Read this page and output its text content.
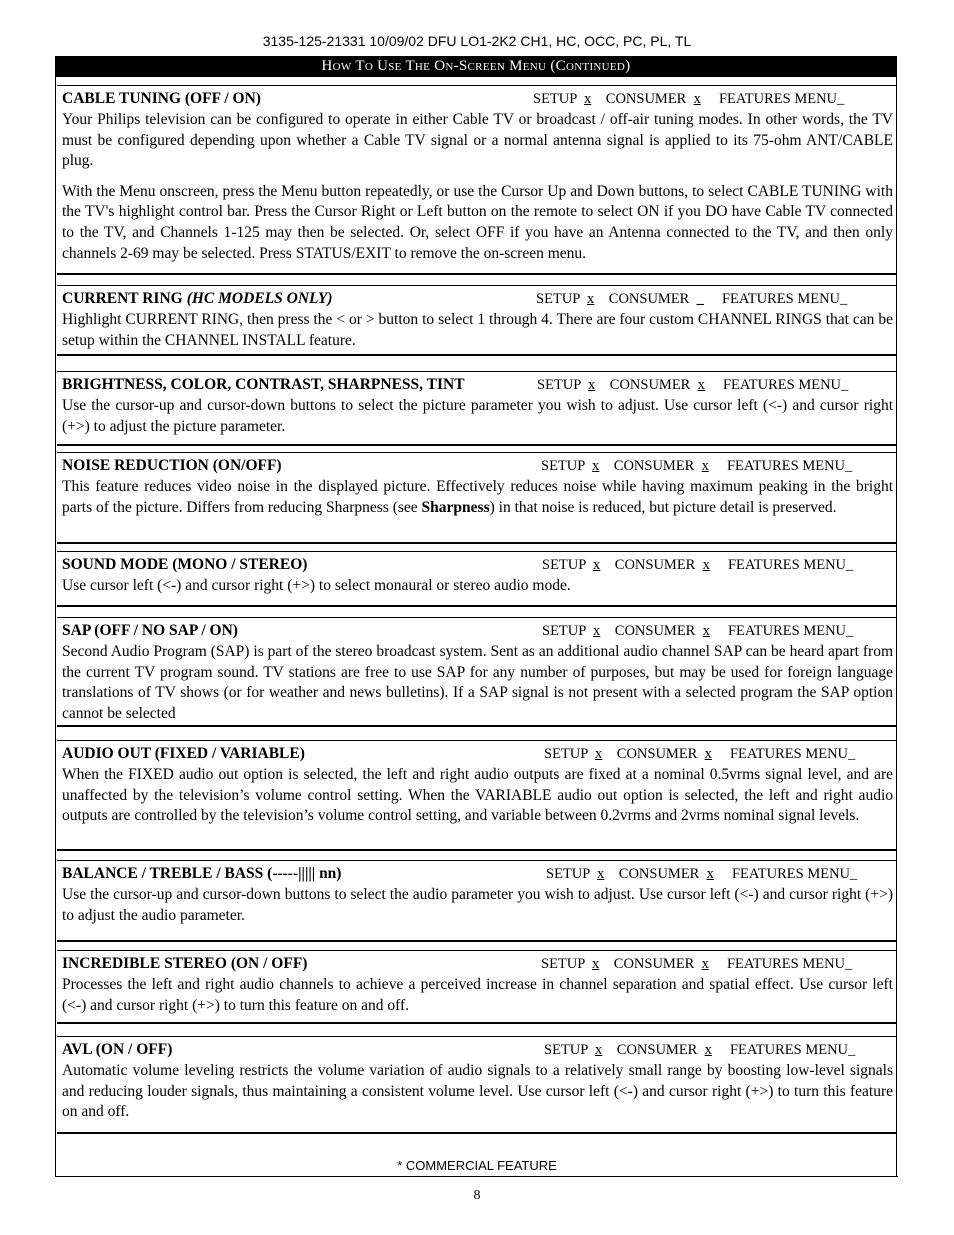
3135-125-21331 10/09/02 DFU LO1-2K2 CH1, HC, OCC, PC, PL, TL
How To Use The On-Screen Menu (Continued)
CABLE TUNING (OFF / ON)	SETUP x CONSUMER x FEATURES MENU_

Your Philips television can be configured to operate in either Cable TV or broadcast / off-air tuning modes. In other words, the TV must be configured depending upon whether a Cable TV signal or a normal antenna signal is applied to its 75-ohm ANT/CABLE plug.

With the Menu onscreen, press the Menu button repeatedly, or use the Cursor Up and Down buttons, to select CABLE TUNING with the TV's highlight control bar. Press the Cursor Right or Left button on the remote to select ON if you DO have Cable TV connected to the TV, and Channels 1-125 may then be selected. Or, select OFF if you have an Antenna connected to the TV, and then only channels 2-69 may be selected. Press STATUS/EXIT to remove the on-screen menu.

CURRENT RING (HC MODELS ONLY)	SETUP x CONSUMER _ FEATURES MENU_

Highlight CURRENT RING, then press the < or > button to select 1 through 4. There are four custom CHANNEL RINGS that can be setup within the CHANNEL INSTALL feature.

BRIGHTNESS, COLOR, CONTRAST, SHARPNESS, TINT	SETUP x CONSUMER x FEATURES MENU_

Use the cursor-up and cursor-down buttons to select the picture parameter you wish to adjust. Use cursor left (<-) and cursor right (+>) to adjust the picture parameter.

NOISE REDUCTION (ON/OFF)	SETUP x CONSUMER x FEATURES MENU_

This feature reduces video noise in the displayed picture. Effectively reduces noise while having maximum peaking in the bright parts of the picture. Differs from reducing Sharpness (see Sharpness) in that noise is reduced, but picture detail is preserved.

SOUND MODE (MONO / STEREO)	SETUP x CONSUMER x FEATURES MENU_

Use cursor left (<-) and cursor right (+>) to select monaural or stereo audio mode.

SAP (OFF / NO SAP / ON)	SETUP x CONSUMER x FEATURES MENU_

Second Audio Program (SAP) is part of the stereo broadcast system. Sent as an additional audio channel SAP can be heard apart from the current TV program sound. TV stations are free to use SAP for any number of purposes, but may be used for foreign language translations of TV shows (or for weather and news bulletins). If a SAP signal is not present with a selected program the SAP option cannot be selected

AUDIO OUT (FIXED / VARIABLE)	SETUP x CONSUMER x FEATURES MENU_

When the FIXED audio out option is selected, the left and right audio outputs are fixed at a nominal 0.5vrms signal level, and are unaffected by the television’s volume control setting. When the VARIABLE audio out option is selected, the left and right audio outputs are controlled by the television’s volume control setting, and variable between 0.2vrms and 2vrms nominal signal levels.

BALANCE / TREBLE / BASS (-----||||| nn)	SETUP x CONSUMER x FEATURES MENU_

Use the cursor-up and cursor-down buttons to select the audio parameter you wish to adjust. Use cursor left (<-) and cursor right (+>) to adjust the audio parameter.

INCREDIBLE STEREO (ON / OFF)	SETUP x CONSUMER x FEATURES MENU_

Processes the left and right audio channels to achieve a perceived increase in channel separation and spatial effect. Use cursor left (<-) and cursor right (+>) to turn this feature on and off.

AVL (ON / OFF)	SETUP x CONSUMER x FEATURES MENU_

Automatic volume leveling restricts the volume variation of audio signals to a relatively small range by boosting low-level signals and reducing louder signals, thus maintaining a consistent volume level. Use cursor left (<-) and cursor right (+>) to turn this feature on and off.

* COMMERCIAL FEATURE
8
